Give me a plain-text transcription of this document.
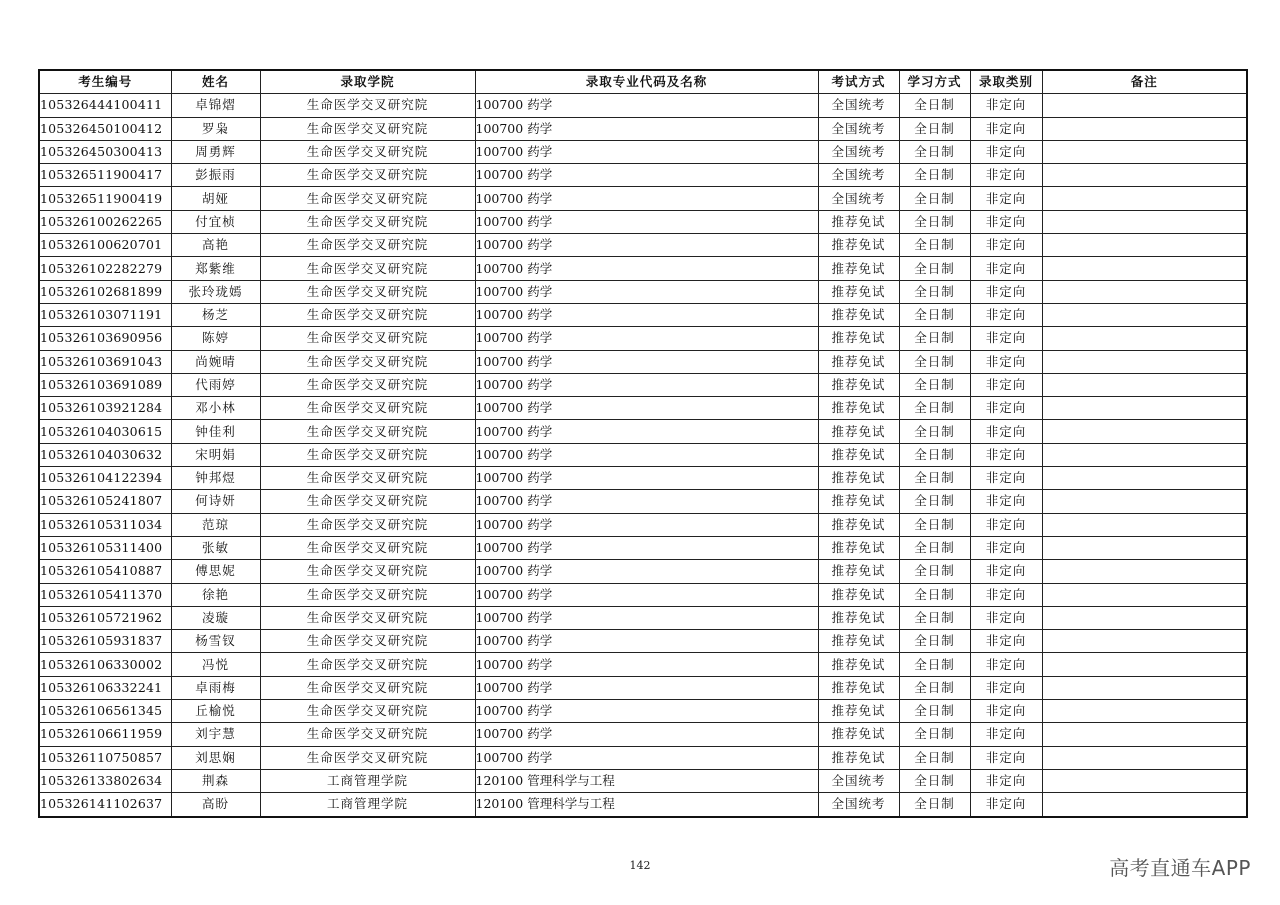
考生编号	姓名	录取学院	录取专业代码及名称	考试方式	学习方式	录取类别	备注
105326444100411	卓锦熠	生命医学交叉研究院	100700 药学	全国统考	全日制	非定向	
105326450100412	罗枭	生命医学交叉研究院	100700 药学	全国统考	全日制	非定向	
105326450300413	周勇辉	生命医学交叉研究院	100700 药学	全国统考	全日制	非定向	
105326511900417	彭振雨	生命医学交叉研究院	100700 药学	全国统考	全日制	非定向	
105326511900419	胡娅	生命医学交叉研究院	100700 药学	全国统考	全日制	非定向	
105326100262265	付宜桢	生命医学交叉研究院	100700 药学	推荐免试	全日制	非定向	
105326100620701	高艳	生命医学交叉研究院	100700 药学	推荐免试	全日制	非定向	
105326102282279	郑紫维	生命医学交叉研究院	100700 药学	推荐免试	全日制	非定向	
105326102681899	张玲珑嫣	生命医学交叉研究院	100700 药学	推荐免试	全日制	非定向	
105326103071191	杨芝	生命医学交叉研究院	100700 药学	推荐免试	全日制	非定向	
105326103690956	陈婷	生命医学交叉研究院	100700 药学	推荐免试	全日制	非定向	
105326103691043	尚婉晴	生命医学交叉研究院	100700 药学	推荐免试	全日制	非定向	
105326103691089	代雨婷	生命医学交叉研究院	100700 药学	推荐免试	全日制	非定向	
105326103921284	邓小林	生命医学交叉研究院	100700 药学	推荐免试	全日制	非定向	
105326104030615	钟佳利	生命医学交叉研究院	100700 药学	推荐免试	全日制	非定向	
105326104030632	宋明娟	生命医学交叉研究院	100700 药学	推荐免试	全日制	非定向	
105326104122394	钟邦煜	生命医学交叉研究院	100700 药学	推荐免试	全日制	非定向	
105326105241807	何诗妍	生命医学交叉研究院	100700 药学	推荐免试	全日制	非定向	
105326105311034	范琼	生命医学交叉研究院	100700 药学	推荐免试	全日制	非定向	
105326105311400	张敏	生命医学交叉研究院	100700 药学	推荐免试	全日制	非定向	
105326105410887	傅思妮	生命医学交叉研究院	100700 药学	推荐免试	全日制	非定向	
105326105411370	徐艳	生命医学交叉研究院	100700 药学	推荐免试	全日制	非定向	
105326105721962	凌璇	生命医学交叉研究院	100700 药学	推荐免试	全日制	非定向	
105326105931837	杨雪钗	生命医学交叉研究院	100700 药学	推荐免试	全日制	非定向	
105326106330002	冯悦	生命医学交叉研究院	100700 药学	推荐免试	全日制	非定向	
105326106332241	卓雨梅	生命医学交叉研究院	100700 药学	推荐免试	全日制	非定向	
105326106561345	丘榆悦	生命医学交叉研究院	100700 药学	推荐免试	全日制	非定向	
105326106611959	刘宇慧	生命医学交叉研究院	100700 药学	推荐免试	全日制	非定向	
105326110750857	刘思娴	生命医学交叉研究院	100700 药学	推荐免试	全日制	非定向	
105326133802634	荆森	工商管理学院	120100 管理科学与工程	全国统考	全日制	非定向	
105326141102637	高盼	工商管理学院	120100 管理科学与工程	全国统考	全日制	非定向	
142	高考直通车APP
